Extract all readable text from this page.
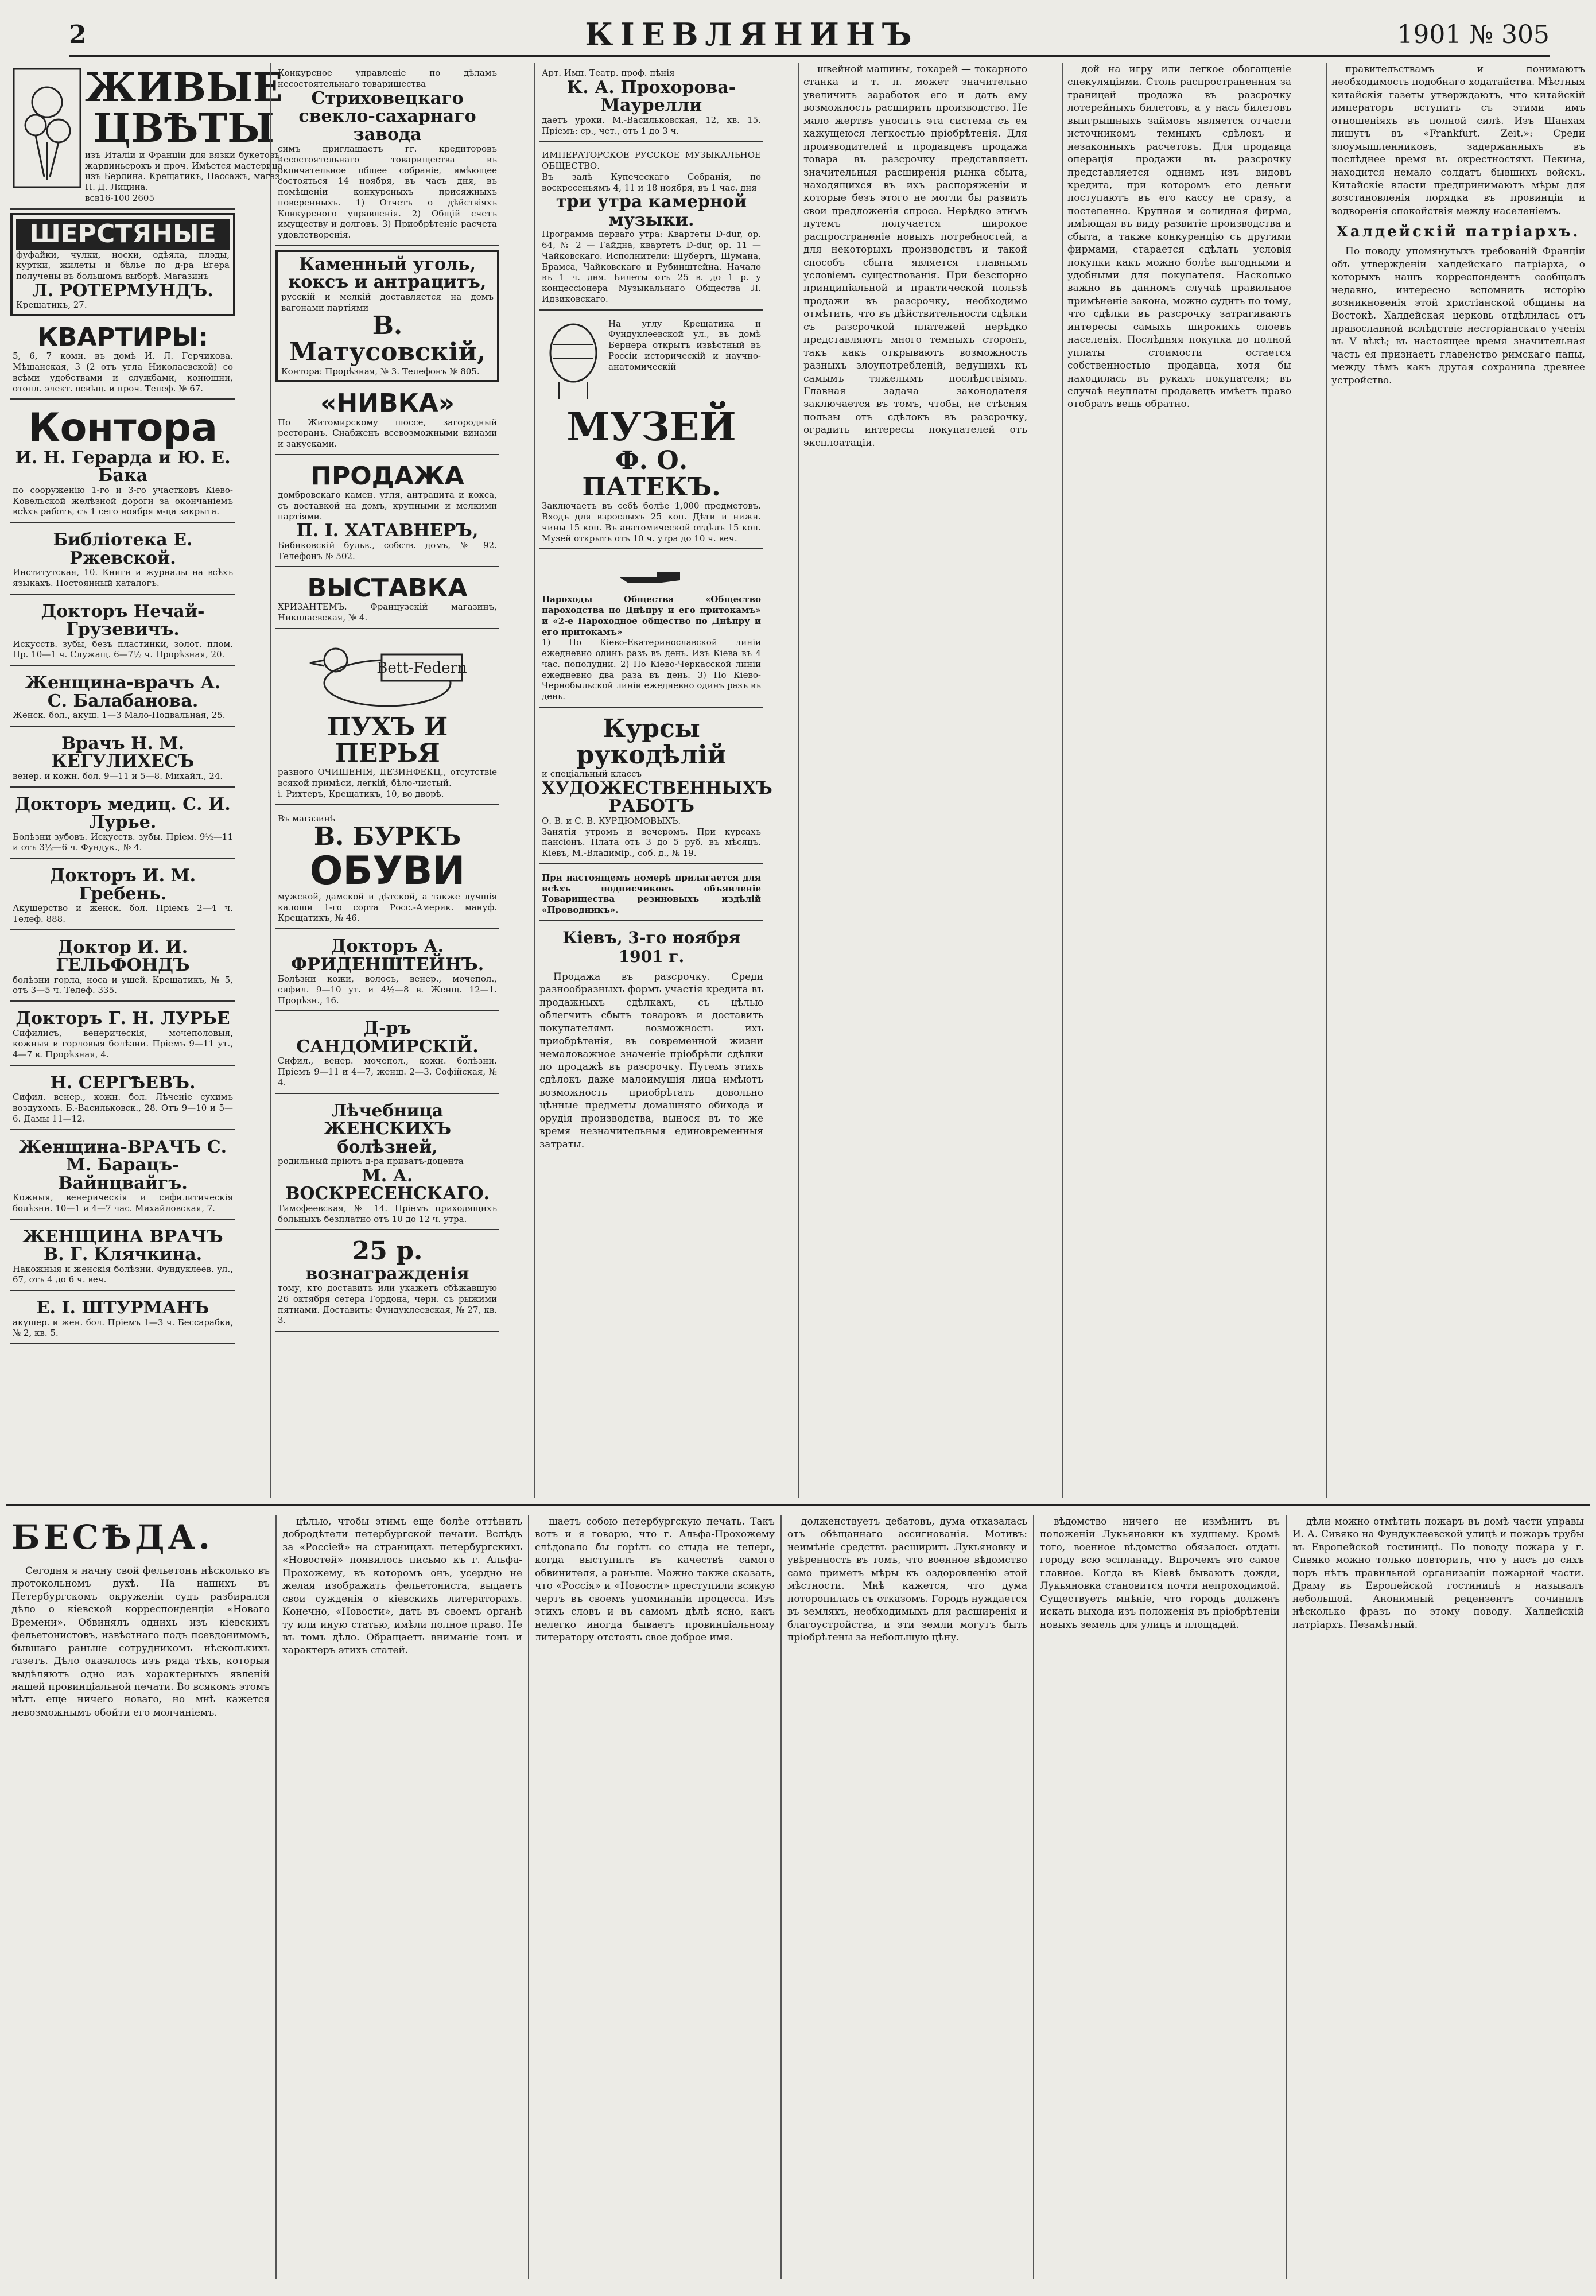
2	КІЕВЛЯНИНЪ	1901 № 305
ЖИВЫЕ ЦВѢТЫ
изъ Италіи и Франціи для вязки букетовъ, жардиньерокъ и проч. Имѣется мастерица изъ Берлина. Крещатикъ, Пассажъ, магаз. П. Д. Лицина.
всв16-100 2605
ШЕРСТЯНЫЕ
фуфайки, чулки, носки, одѣяла, плэды, куртки, жилеты и бѣлье по д-ра Егера получены въ большомъ выборѣ. Магазинъ
Л. РОТЕРМУНДЪ.
Крещатикъ, 27.
КВАРТИРЫ:
5, 6, 7 комн. въ домѣ И. Л. Герчикова. Мѣщанская, 3 (2 отъ угла Николаевской) со всѣми удобствами и службами, конюшни, отопл. элект. освѣщ. и проч. Телеф. № 67.
Контора
И. Н. Герарда и Ю. Е. Бака
по сооруженію 1-го и 3-го участковъ Кіево-Ковельской желѣзной дороги за окончаніемъ всѣхъ работъ, съ 1 сего ноября м-ца закрыта.
Библіотека Е. Ржевской.
Институтская, 10. Книги и журналы на всѣхъ языкахъ. Постоянный каталогъ.
Докторъ Нечай-Грузевичъ.
Искусств. зубы, безъ пластинки, золот. плом. Пр. 10—1 ч. Служащ. 6—7½ ч. Прорѣзная, 20.
Женщина-врачъ А. С. Балабанова.
Женск. бол., акуш. 1—3 Мало-Подвальная, 25.
Врачъ Н. М. КЕГУЛИХЕСЪ
венер. и кожн. бол. 9—11 и 5—8. Михайл., 24.
Докторъ медиц. С. И. Лурье.
Болѣзни зубовъ. Искусств. зубы. Пріем. 9½—11 и отъ 3½—6 ч. Фундук., № 4.
Докторъ И. М. Гребень.
Акушерство и женск. бол. Пріемъ 2—4 ч. Телеф. 888.
Доктор И. И. ГЕЛЬФОНДЪ
болѣзни горла, носа и ушей. Крещатикъ, № 5, отъ 3—5 ч. Телеф. 335.
Докторъ Г. Н. ЛУРЬЕ
Сифилисъ, венерическія, мочеполовыя, кожныя и горловыя болѣзни. Пріемъ 9—11 ут., 4—7 в. Прорѣзная, 4.
Н. СЕРГѢЕВЪ.
Сифил. венер., кожн. бол. Лѣченіе сухимъ воздухомъ. Б.-Васильковск., 28. Отъ 9—10 и 5—6. Дамы 11—12.
Женщина-ВРАЧЪ С. М. Барацъ-Вайнцвайгъ.
Кожныя, венерическія и сифилитическія болѣзни. 10—1 и 4—7 час. Михайловская, 7.
ЖЕНЩИНА ВРАЧЪ В. Г. Клячкина.
Накожныя и женскія болѣзни. Фундуклеев. ул., 67, отъ 4 до 6 ч. веч.
Е. І. ШТУРМАНЪ
акушер. и жен. бол. Пріемъ 1—3 ч. Бессарабка, № 2, кв. 5.
Конкурсное управленіе по дѣламъ несостоятельнаго товарищества
Стриховецкаго свекло-сахарнаго завода
симъ приглашаетъ гг. кредиторовъ несостоятельнаго товарищества въ окончательное общее собраніе, имѣющее состояться 14 ноября, въ часъ дня, въ помѣщеніи конкурсныхъ присяжныхъ поверенныхъ. 1) Отчетъ о дѣйствіяхъ Конкурсного управленія. 2) Общій счетъ имуществу и долговъ. 3) Приобрѣтеніе расчета удовлетворенія.
Каменный уголь, коксъ и антрацитъ,
русскій и мелкій доставляется на домъ вагонами партіями
В. Матусовскій,
Контора: Прорѣзная, № 3. Телефонъ № 805.
«НИВКА»
По Житомирскому шоссе, загородный ресторанъ. Снабженъ всевозможными винами и закусками.
ПРОДАЖА
домбровскаго камен. угля, антрацита и кокса, съ доставкой на домъ, крупными и мелкими партіями.
П. І. ХАТАВНЕРЪ,
Бибиковскій бульв., собств. домъ, № 92. Телефонъ № 502.
ВЫСТАВКА
ХРИЗАНТЕМЪ. Французскій магазинъ, Николаевская, № 4.
Bett-Federn
ПУХЪ И ПЕРЬЯ
разного ОЧИЩЕНІЯ, ДЕЗИНФЕКЦ., отсутствіе всякой примѣси, легкій, бѣло-чистый.
і. Рихтеръ, Крещатикъ, 10, во дворѣ.
Въ магазинѣ
В. БУРКЪ
ОБУВИ
мужской, дамской и дѣтской, а также лучшія калоши 1-го сорта Росс.-Америк. мануф. Крещатикъ, № 46.
Докторъ А. ФРИДЕНШТЕЙНЪ.
Болѣзни кожи, волосъ, венер., мочепол., сифил. 9—10 ут. и 4½—8 в. Женщ. 12—1. Прорѣзн., 16.
Д-ръ САНДОМИРСКІЙ.
Сифил., венер. мочепол., кожн. болѣзни. Пріемъ 9—11 и 4—7, женщ. 2—3. Софійская, № 4.
Лѣчебница ЖЕНСКИХЪ болѣзней,
родильный пріютъ д-ра приватъ-доцента
М. А. ВОСКРЕСЕНСКАГО.
Тимофеевская, № 14. Пріемъ приходящихъ больныхъ безплатно отъ 10 до 12 ч. утра.
25 р.
вознагражденія
тому, кто доставитъ или укажетъ сбѣжавшую 26 октября сетера Гордона, черн. съ рыжими пятнами. Доставить: Фундуклеевская, № 27, кв. 3.
Арт. Имп. Театр. проф. пѣнія
К. А. Прохорова-Маурелли
даетъ уроки. М.-Васильковская, 12, кв. 15. Пріемъ: ср., чет., отъ 1 до 3 ч.
ИМПЕРАТОРСКОЕ РУССКОЕ МУЗЫКАЛЬНОЕ ОБЩЕСТВО.
Въ залѣ Купеческаго Собранія, по воскресеньямъ 4, 11 и 18 ноября, въ 1 час. дня
три утра камерной музыки.
Программа перваго утра: Квартеты D-dur, ор. 64, № 2 — Гайдна, квартетъ D-dur, ор. 11 — Чайковскаго. Исполнители: Шубертъ, Шумана, Брамса, Чайковскаго и Рубинштейна. Начало въ 1 ч. дня. Билеты отъ 25 в. до 1 р. у концессіонера Музыкальнаго Общества Л. Идзиковскаго.
На углу Крещатика и Фундуклеевской ул., въ домѣ Бернера открытъ извѣстный въ Россіи историческій и научно-анатомическій
МУЗЕЙ
Ф. О. ПАТЕКЪ.
Заключаетъ въ себѣ болѣе 1,000 предметовъ. Входъ для взрослыхъ 25 коп. Дѣти и нижн. чины 15 коп. Въ анатомической отдѣлъ 15 коп. Музей открытъ отъ 10 ч. утра до 10 ч. веч.
Пароходы Общества «Общество пароходства по Днѣпру и его притокамъ» и «2-е Пароходное общество по Днѣпру и его притокамъ»
1) По Кіево-Екатеринославской линіи ежедневно одинъ разъ въ день. Изъ Кіева въ 4 час. пополудни. 2) По Кіево-Черкасской линіи ежедневно два раза въ день. 3) По Кіево-Чернобыльской линіи ежедневно одинъ разъ въ день.
Курсы рукодѣлій
и спеціальный классъ
ХУДОЖЕСТВЕННЫХЪ РАБОТЪ
О. В. и С. В. КУРДЮМОВЫХЪ.
Занятія утромъ и вечеромъ. При курсахъ пансіонъ. Плата отъ 3 до 5 руб. въ мѣсяцъ. Кіевъ, М.-Владимір., соб. д., № 19.
При настоящемъ номерѣ прилагается для всѣхъ подписчиковъ объявленіе Товарищества резиновыхъ издѣлій «Проводникъ».
Кіевъ, 3-го ноября 1901 г.

Продажа въ разсрочку. Среди разнообразныхъ формъ участія кредита въ продажныхъ сдѣлкахъ, съ цѣлью облегчить сбытъ товаровъ и доставить покупателямъ возможность ихъ приобрѣтенія, въ современной жизни немаловажное значеніе пріобрѣли сдѣлки по продажѣ въ разсрочку. Путемъ этихъ сдѣлокъ даже малоимущія лица имѣютъ возможность приобрѣтать довольно цѣнные предметы домашняго обихода и орудія производства, вынося въ то же время незначительныя единовременныя затраты.

швейной машины, токарей — токарного станка и т. п. может значительно увеличить заработок его и дать ему возможность расширить производство. Не мало жертвъ уноситъ эта система съ ея кажущеюся легкостью пріобрѣтенія. Для производителей и продавцевъ продажа товара въ разсрочку представляетъ значительныя расширенія рынка сбыта, находящихся въ ихъ распоряженіи и которые безъ этого не могли бы развить свои предложенія спроса. Нерѣдко этимъ путемъ получается широкое распространеніе новыхъ потребностей, а для некоторыхъ производствъ и такой способъ сбыта является главнымъ условіемъ существованія. При безспорно принципіальной и практической пользѣ продажи въ разсрочку, необходимо отмѣтить, что въ дѣйствительности сдѣлки съ разсрочкой платежей нерѣдко представляютъ много темныхъ сторонъ, такъ какъ открываютъ возможность разныхъ злоупотребленій, ведущихъ къ самымъ тяжелымъ послѣдствіямъ. Главная задача законодателя заключается въ томъ, чтобы, не стѣсняя пользы отъ сдѣлокъ въ разсрочку, оградить интересы покупателей отъ эксплоатаціи.

дой на игру или легкое обогащеніе спекуляціями. Столь распространенная за границей продажа въ разсрочку лотерейныхъ билетовъ, а у насъ билетовъ выигрышныхъ займовъ является отчасти источникомъ темныхъ сдѣлокъ и незаконныхъ расчетовъ. Для продавца операція продажи въ разсрочку представляется однимъ изъ видовъ кредита, при которомъ его деньги поступаютъ въ его кассу не сразу, а постепенно. Крупная и солидная фирма, имѣющая въ виду развитіе производства и сбыта, а также конкуренцію съ другими фирмами, старается сдѣлать условія покупки какъ можно болѣе выгодными и удобными для покупателя. Насколько важно въ данномъ случаѣ правильное примѣненіе закона, можно судить по тому, что сдѣлки въ разсрочку затрагиваютъ интересы самыхъ широкихъ слоевъ населенія. Послѣдняя покупка до полной уплаты стоимости остается собственностью продавца, хотя бы находилась въ рукахъ покупателя; въ случаѣ неуплаты продавецъ имѣетъ право отобрать вещь обратно.

правительствамъ и понимаютъ необходимость подобнаго ходатайства. Мѣстныя китайскія газеты утверждаютъ, что китайскій императоръ вступитъ съ этими имъ отношеніяхъ въ полной силѣ. Изъ Шанхая пишутъ въ «Frankfurt. Zeit.»: Среди злоумышленниковъ, задержанныхъ въ послѣднее время въ окрестностяхъ Пекина, находится немало солдатъ бывшихъ войскъ. Китайскіе власти предпринимаютъ мѣры для возстановленія порядка въ провинціи и водворенія спокойствія между населеніемъ.

Халдейскій патріархъ.

По поводу упомянутыхъ требованій Франціи объ утвержденіи халдейскаго патріарха, о которыхъ нашъ корреспондентъ сообщалъ недавно, интересно вспомнить исторію возникновенія этой христіанской общины на Востокѣ. Халдейская церковь отдѣлилась отъ православной вслѣдствіе несторіанскаго ученія въ V вѣкѣ; въ настоящее время значительная часть ея признаетъ главенство римскаго папы, между тѣмъ какъ другая сохранила древнее устройство.

БЕСѢДА.

Сегодня я начну свой фельетонъ нѣсколько въ протокольномъ духѣ. На нашихъ въ Петербургскомъ окруженіи судъ разбирался дѣло о кіевской корреспонденціи «Новаго Времени». Обвинялъ однихъ изъ кіевскихъ фельетонистовъ, извѣстнаго подъ псевдонимомъ, бывшаго раньше сотрудникомъ нѣсколькихъ газетъ. Дѣло оказалось изъ ряда тѣхъ, которыя выдѣляютъ одно изъ характерныхъ явленій нашей провинціальной печати. Во всякомъ этомъ нѣтъ еще ничего новаго, но мнѣ кажется невозможнымъ обойти его молчаніемъ.

цѣлью, чтобы этимъ еще болѣе оттѣнить добродѣтели петербургской печати. Вслѣдъ за «Россіей» на страницахъ петербургскихъ «Новостей» появилось письмо къ г. Альфа-Прохожему, въ которомъ онъ, усердно не желая изображать фельетониста, выдаетъ свои сужденія о кіевскихъ литераторахъ. Конечно, «Новости», дать въ своемъ органѣ ту или иную статью, имѣли полное право. Не въ томъ дѣло. Обращаетъ вниманіе тонъ и характеръ этихъ статей.

шаетъ собою петербургскую печать. Такъ вотъ и я говорю, что г. Альфа-Прохожему слѣдовало бы горѣть со стыда не теперь, когда выступилъ въ качествѣ самого обвинителя, а раньше. Можно также сказать, что «Россія» и «Новости» преступили всякую чертъ въ своемъ упоминаніи процесса. Изъ этихъ словъ и въ самомъ дѣлѣ ясно, какъ нелегко иногда бываетъ провинціальному литератору отстоять свое доброе имя.

долженствуетъ дебатовъ, дума отказалась отъ обѣщаннаго ассигнованія. Мотивъ: неимѣніе средствъ расширить Лукьяновку и увѣренность въ томъ, что военное вѣдомство само приметъ мѣры къ оздоровленію этой мѣстности. Мнѣ кажется, что дума поторопилась съ отказомъ. Городъ нуждается въ земляхъ, необходимыхъ для расширенія и благоустройства, и эти земли могутъ быть пріобрѣтены за небольшую цѣну.

вѣдомство ничего не измѣнитъ въ положеніи Лукьяновки къ худшему. Кромѣ того, военное вѣдомство обязалось отдать городу всю эспланаду. Впрочемъ это самое главное. Когда въ Кіевѣ бываютъ дожди, Лукьяновка становится почти непроходимой. Существуетъ мнѣніе, что городъ долженъ искать выхода изъ положенія въ пріобрѣтеніи новыхъ земель для улицъ и площадей.

дѣли можно отмѣтить пожаръ въ домѣ части управы И. А. Сивяко на Фундуклеевской улицѣ и пожаръ трубы въ Европейской гостиницѣ. По поводу пожара у г. Сивяко можно только повторить, что у насъ до сихъ поръ нѣтъ правильной организаціи пожарной части. Драму въ Европейской гостиницѣ я называлъ небольшой. Анонимный рецензентъ сочинилъ нѣсколько фразъ по этому поводу. Халдейскій патріархъ. Незамѣтный.
